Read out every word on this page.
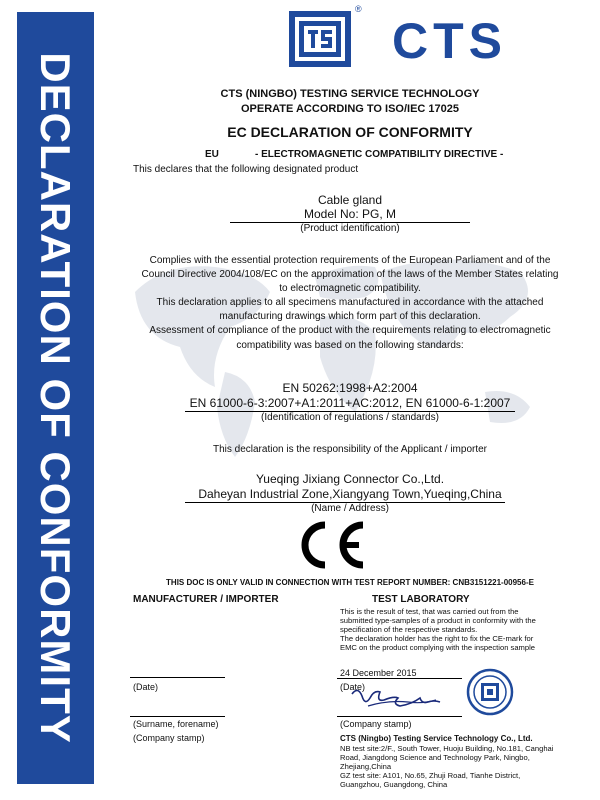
DECLARATION OF CONFORMITY
®
CTS
CTS (NINGBO) TESTING SERVICE TECHNOLOGY
OPERATE ACCORDING TO ISO/IEC 17025
EC DECLARATION OF CONFORMITY
EU	- ELECTROMAGNETIC COMPATIBILITY DIRECTIVE -
This declares that the following designated product
Cable gland
Model No: PG, M
(Product identification)
Complies with the essential protection requirements of the European Parliament and of the
Council Directive 2004/108/EC on the approximation of the laws of the Member States relating
to electromagnetic compatibility.
This declaration applies to all specimens manufactured in accordance with the attached
manufacturing drawings which form part of this declaration.
Assessment of compliance of the product with the requirements relating to electromagnetic
compatibility was based on the following standards:
EN 50262:1998+A2:2004
EN 61000-6-3:2007+A1:2011+AC:2012, EN 61000-6-1:2007
(Identification of regulations / standards)
This declaration is the responsibility of the Applicant / importer
Yueqing Jixiang Connector Co.,Ltd.
Daheyan Industrial Zone,Xiangyang Town,Yueqing,China
(Name / Address)
THIS DOC IS ONLY VALID IN CONNECTION WITH TEST REPORT NUMBER: CNB3151221-00956-E
MANUFACTURER / IMPORTER
(Date)
(Surname, forename)
(Company stamp)
TEST LABORATORY
This is the result of test, that was carried out from the
submitted type-samples of a product in conformity with the
specification of the respective standards.
The declaration holder has the right to fix the CE-mark for
EMC on the product complying with the inspection sample
24 December 2015
(Date)
(Company stamp)
CTS (Ningbo) Testing Service Technology Co., Ltd.
NB test site:2/F., South Tower, Huoju Building, No.181, Canghai
Road, Jiangdong Science and Technology Park, Ningbo,
Zhejiang,China
GZ test site: A101, No.65, Zhuji Road, Tianhe District,
Guangzhou, Guangdong, China
